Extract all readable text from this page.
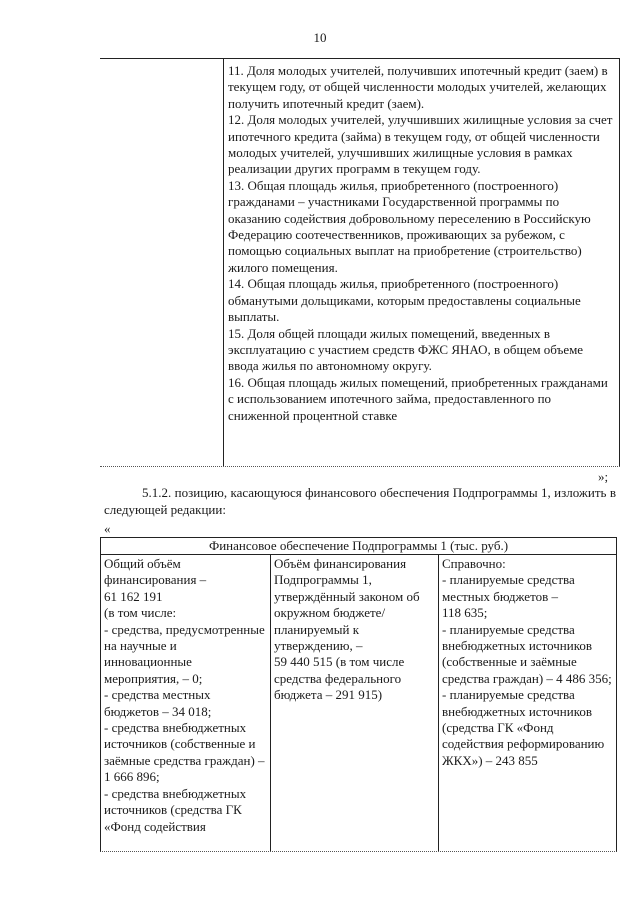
10

11. Доля молодых учителей, получивших ипотечный кредит (заем) в текущем году, от общей численности молодых учителей, желающих получить ипотечный кредит (заем).

12. Доля молодых учителей, улучшивших жилищные условия за счет ипотечного кредита (займа) в текущем году, от общей численности молодых учителей, улучшивших жилищные условия в рамках реализации других программ в текущем году.

13. Общая площадь жилья, приобретенного (построенного) гражданами – участниками Государственной программы по оказанию содействия добровольному переселению в Российскую Федерацию соотечественников, проживающих за рубежом, с помощью социальных выплат на приобретение (строительство) жилого помещения.

14. Общая площадь жилья, приобретенного (построенного) обманутыми дольщиками, которым предоставлены социальные выплаты.

15. Доля общей площади жилых помещений, введенных в эксплуатацию с участием средств ФЖС ЯНАО, в общем объеме ввода жилья по автономному округу.

16. Общая площадь жилых помещений, приобретенных гражданами с использованием ипотечного займа, предоставленного по сниженной процентной ставке

»;
5.1.2. позицию, касающуюся финансового обеспечения Подпрограммы 1, изложить в следующей редакции:
«
Финансовое обеспечение Подпрограммы 1 (тыс. руб.)

Общий объём финансирования –

61 162 191

(в том числе:

- средства, предусмотренные на научные и инновационные мероприятия, – 0;

- средства местных бюджетов – 34 018;

- средства внебюджетных источников (собственные и заёмные средства граждан) – 1 666 896;

- средства внебюджетных источников (средства ГК «Фонд содействия

Объём финансирования Подпрограммы 1, утверждённый законом об окружном бюджете/ планируемый к утверждению, –

59 440 515 (в том числе средства федерального бюджета – 291 915)

Справочно:

- планируемые средства местных бюджетов –

118 635;

- планируемые средства внебюджетных источников (собственные и заёмные средства граждан) – 4 486 356;

- планируемые средства внебюджетных источников (средства ГК «Фонд содействия реформированию ЖКХ») – 243 855
